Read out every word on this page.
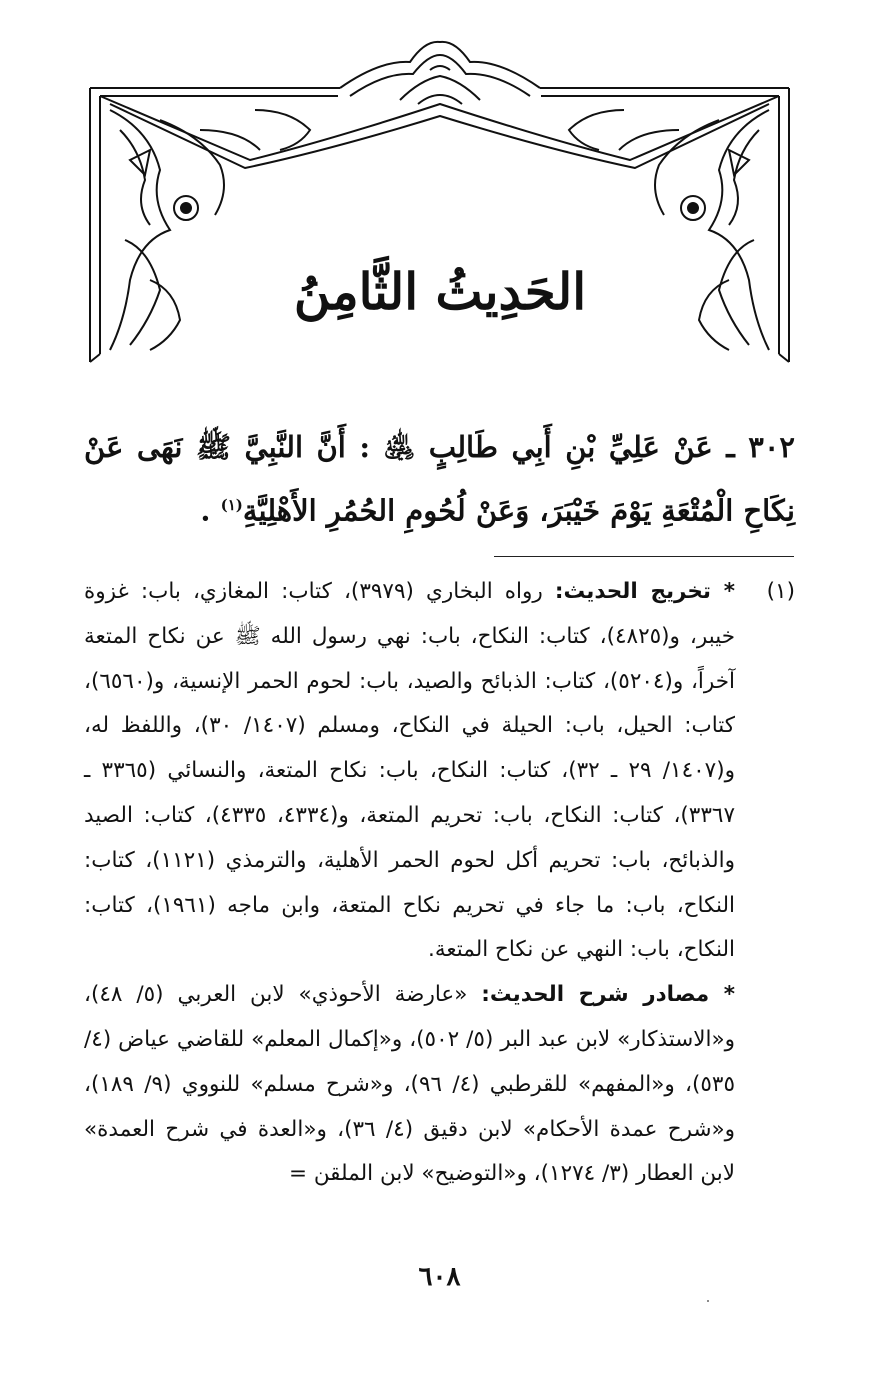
الحَدِيثُ الثَّامِنُ
٣٠٢ ـ عَنْ عَلِيِّ بْنِ أَبِي طَالِبٍ ﵁ : أَنَّ النَّبِيَّ ﷺ نَهَى عَنْ نِكَاحِ الْمُتْعَةِ يَوْمَ خَيْبَرَ، وَعَنْ لُحُومِ الحُمُرِ الأَهْلِيَّةِ$^{(١)}$ .
(١)
* تخريج الحديث: رواه البخاري (٣٩٧٩)، كتاب: المغازي، باب: غزوة خيبر، و(٤٨٢٥)، كتاب: النكاح، باب: نهي رسول الله ﷺ عن نكاح المتعة آخراً، و(٥٢٠٤)، كتاب: الذبائح والصيد، باب: لحوم الحمر الإنسية، و(٦٥٦٠)، كتاب: الحيل، باب: الحيلة في النكاح، ومسلم (١٤٠٧/ ٣٠)، واللفظ له، و(١٤٠٧/ ٢٩ ـ ٣٢)، كتاب: النكاح، باب: نكاح المتعة، والنسائي (٣٣٦٥ ـ ٣٣٦٧)، كتاب: النكاح، باب: تحريم المتعة، و(٤٣٣٤، ٤٣٣٥)، كتاب: الصيد والذبائح، باب: تحريم أكل لحوم الحمر الأهلية، والترمذي (١١٢١)، كتاب: النكاح، باب: ما جاء في تحريم نكاح المتعة، وابن ماجه (١٩٦١)، كتاب: النكاح، باب: النهي عن نكاح المتعة.
* مصادر شرح الحديث: «عارضة الأحوذي» لابن العربي (٥/ ٤٨)، و«الاستذكار» لابن عبد البر (٥/ ٥٠٢)، و«إكمال المعلم» للقاضي عياض (٤/ ٥٣٥)، و«المفهم» للقرطبي (٤/ ٩٦)، و«شرح مسلم» للنووي (٩/ ١٨٩)، و«شرح عمدة الأحكام» لابن دقيق (٤/ ٣٦)، و«العدة في شرح العمدة» لابن العطار (٣/ ١٢٧٤)، و«التوضيح» لابن الملقن =
٦٠٨
